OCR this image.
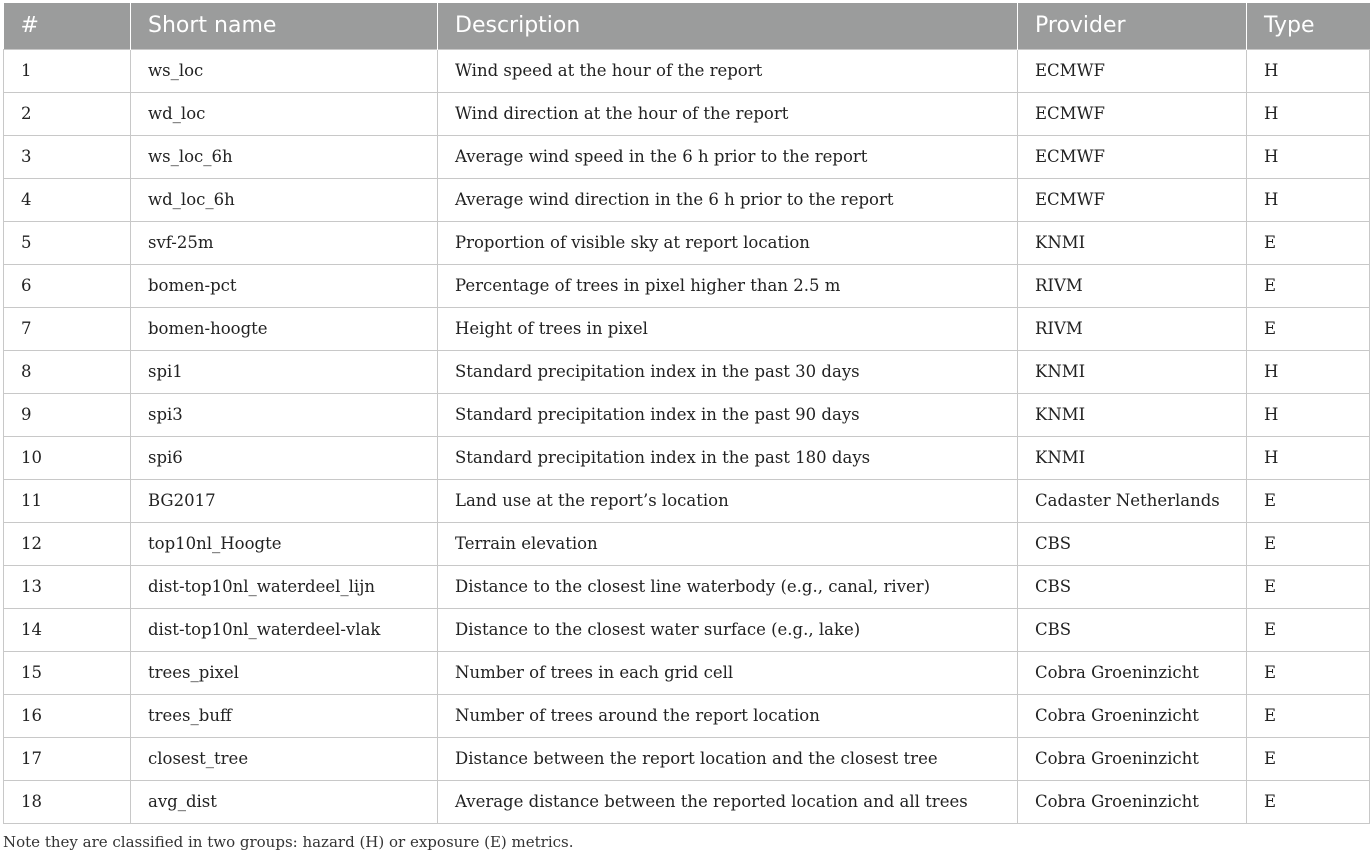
#	Short name	Description	Provider	Type
1	ws_loc	Wind speed at the hour of the report	ECMWF	H
2	wd_loc	Wind direction at the hour of the report	ECMWF	H
3	ws_loc_6h	Average wind speed in the 6 h prior to the report	ECMWF	H
4	wd_loc_6h	Average wind direction in the 6 h prior to the report	ECMWF	H
5	svf-25m	Proportion of visible sky at report location	KNMI	E
6	bomen-pct	Percentage of trees in pixel higher than 2.5 m	RIVM	E
7	bomen-hoogte	Height of trees in pixel	RIVM	E
8	spi1	Standard precipitation index in the past 30 days	KNMI	H
9	spi3	Standard precipitation index in the past 90 days	KNMI	H
10	spi6	Standard precipitation index in the past 180 days	KNMI	H
11	BG2017	Land use at the report’s location	Cadaster Netherlands	E
12	top10nl_Hoogte	Terrain elevation	CBS	E
13	dist-top10nl_waterdeel_lijn	Distance to the closest line waterbody (e.g., canal, river)	CBS	E
14	dist-top10nl_waterdeel-vlak	Distance to the closest water surface (e.g., lake)	CBS	E
15	trees_pixel	Number of trees in each grid cell	Cobra Groeninzicht	E
16	trees_buff	Number of trees around the report location	Cobra Groeninzicht	E
17	closest_tree	Distance between the report location and the closest tree	Cobra Groeninzicht	E
18	avg_dist	Average distance between the reported location and all trees	Cobra Groeninzicht	E
Note they are classified in two groups: hazard (H) or exposure (E) metrics.
